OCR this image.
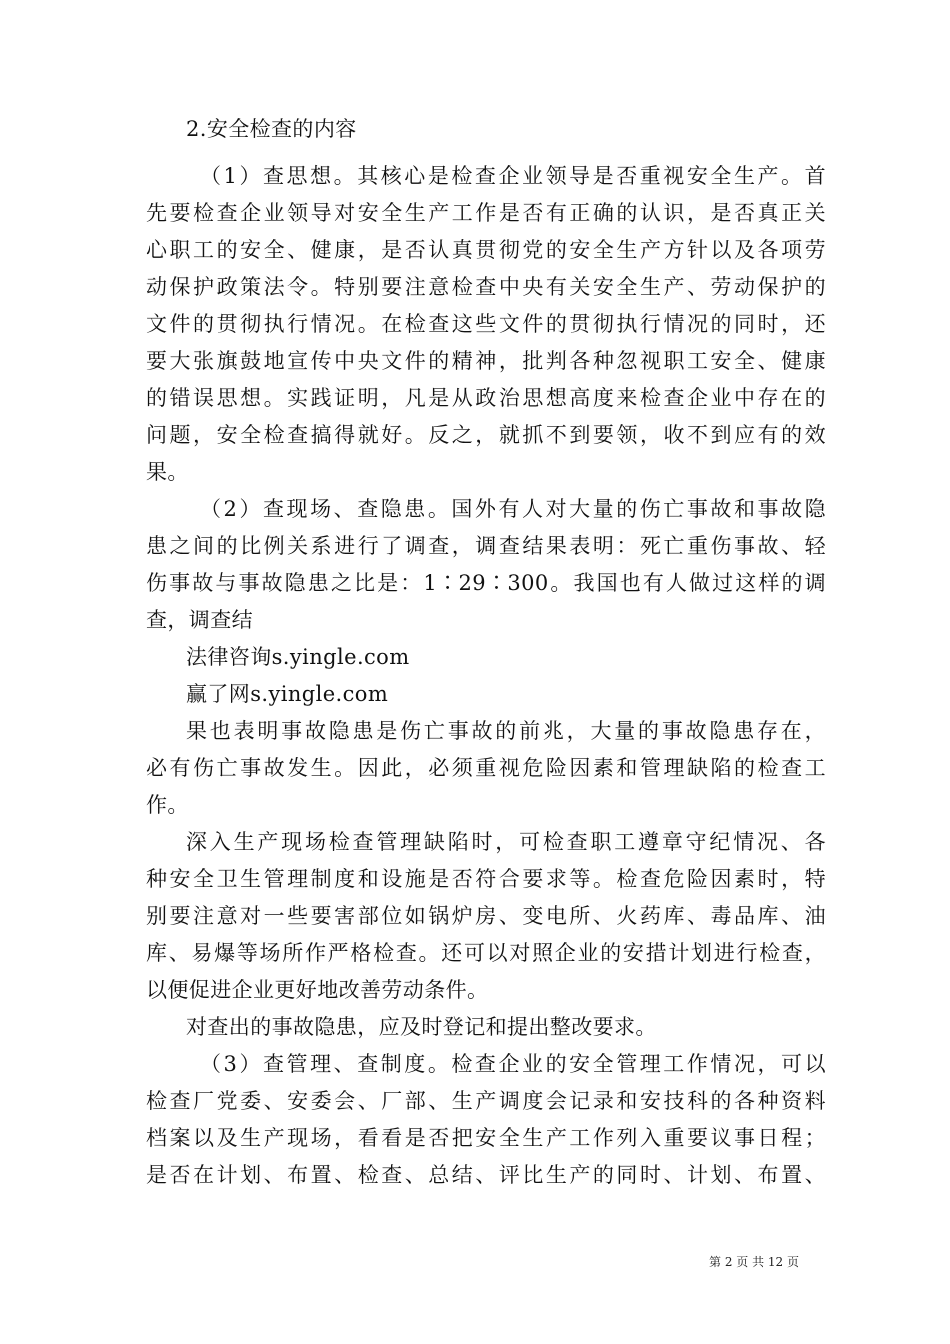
2.安全检查的内容
（1）查思想。其核心是检查企业领导是否重视安全生产。首
先要检查企业领导对安全生产工作是否有正确的认识，是否真正关
心职工的安全、健康，是否认真贯彻党的安全生产方针以及各项劳
动保护政策法令。特别要注意检查中央有关安全生产、劳动保护的
文件的贯彻执行情况。在检查这些文件的贯彻执行情况的同时，还
要大张旗鼓地宣传中央文件的精神，批判各种忽视职工安全、健康
的错误思想。实践证明，凡是从政治思想高度来检查企业中存在的
问题，安全检查搞得就好。反之，就抓不到要领，收不到应有的效
果。
（2）查现场、查隐患。国外有人对大量的伤亡事故和事故隐
患之间的比例关系进行了调查，调查结果表明：死亡重伤事故、轻
伤事故与事故隐患之比是：1∶29∶300。我国也有人做过这样的调
查，调查结
法律咨询s.yingle.com
赢了网s.yingle.com
果也表明事故隐患是伤亡事故的前兆，大量的事故隐患存在，
必有伤亡事故发生。因此，必须重视危险因素和管理缺陷的检查工
作。
深入生产现场检查管理缺陷时，可检查职工遵章守纪情况、各
种安全卫生管理制度和设施是否符合要求等。检查危险因素时，特
别要注意对一些要害部位如锅炉房、变电所、火药库、毒品库、油
库、易爆等场所作严格检查。还可以对照企业的安措计划进行检查，
以便促进企业更好地改善劳动条件。
对查出的事故隐患，应及时登记和提出整改要求。
（3）查管理、查制度。检查企业的安全管理工作情况，可以
检查厂党委、安委会、厂部、生产调度会记录和安技科的各种资料
档案以及生产现场，看看是否把安全生产工作列入重要议事日程；
是否在计划、布置、检查、总结、评比生产的同时、计划、布置、
第 2 页 共 12 页
